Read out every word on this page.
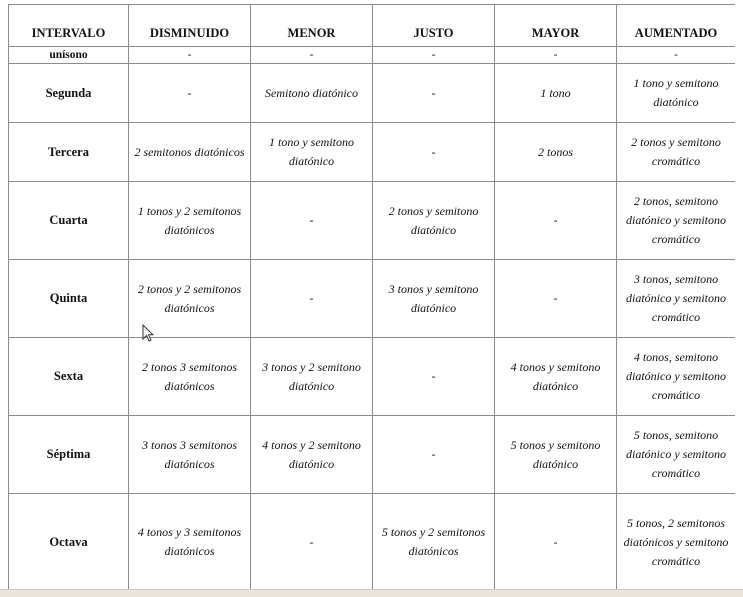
INTERVALO	DISMINUIDO	MENOR	JUSTO	MAYOR	AUMENTADO
unísono	-	-	-	-	-
Segunda	-	Semitono diatónico	-	1 tono	1 tono y semitono diatónico
Tercera	2 semitonos diatónicos	1 tono y semitono diatónico	-	2 tonos	2 tonos y semitono cromático
Cuarta	1 tonos y 2 semitonos diatónicos	-	2 tonos y semitono diatónico	-	2 tonos, semitono diatónico y semitono cromático
Quinta	2 tonos y 2 semitonos diatónicos	-	3 tonos y semitono diatónico	-	3 tonos, semitono diatónico y semitono cromático
Sexta	2 tonos 3 semitonos diatónicos	3 tonos y 2 semitono diatónico	-	4 tonos y semitono diatónico	4 tonos, semitono diatónico y semitono cromático
Séptima	3 tonos 3 semitonos diatónicos	4 tonos y 2 semitono diatónico	-	5 tonos y semitono diatónico	5 tonos, semitono diatónico y semitono cromático
Octava	4 tonos y 3 semitonos diatónicos	-	5 tonos y 2 semitonos diatónicos	-	5 tonos, 2 semitonos diatónicos y semitono cromático
